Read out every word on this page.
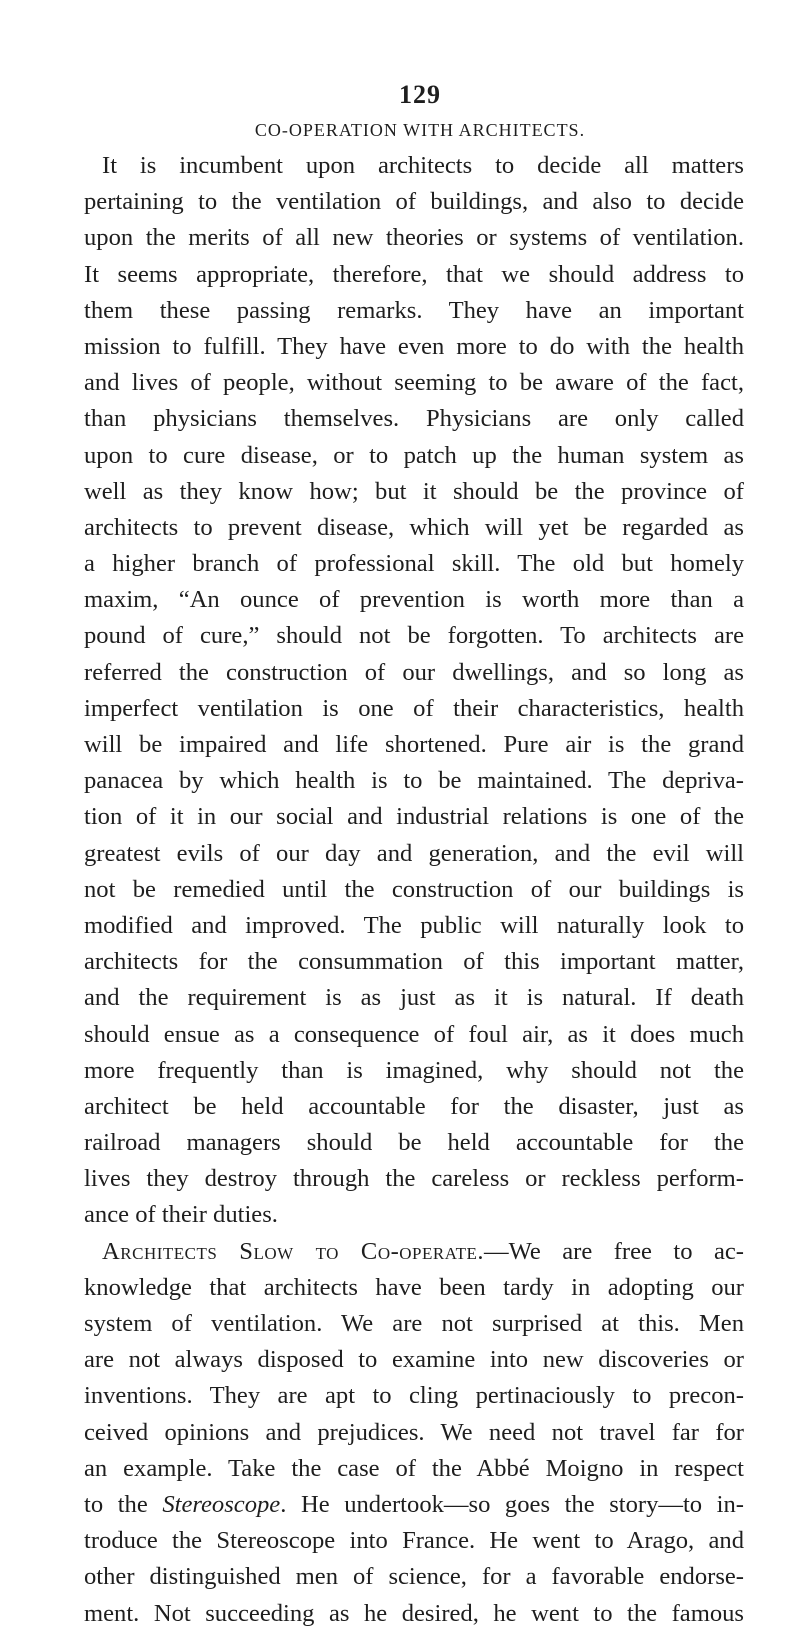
129
CO-OPERATION WITH ARCHITECTS.
It is incumbent upon architects to decide all matters
pertaining to the ventilation of buildings, and also to decide
upon the merits of all new theories or systems of ventilation.
It seems appropriate, therefore, that we should address to
them these passing remarks. They have an important
mission to fulfill. They have even more to do with the health
and lives of people, without seeming to be aware of the fact,
than physicians themselves. Physicians are only called
upon to cure disease, or to patch up the human system as
well as they know how; but it should be the province of
architects to prevent disease, which will yet be regarded as
a higher branch of professional skill. The old but homely
maxim, “An ounce of prevention is worth more than a
pound of cure,” should not be forgotten. To architects are
referred the construction of our dwellings, and so long as
imperfect ventilation is one of their characteristics, health
will be impaired and life shortened. Pure air is the grand
panacea by which health is to be maintained. The depriva-
tion of it in our social and industrial relations is one of the
greatest evils of our day and generation, and the evil will
not be remedied until the construction of our buildings is
modified and improved. The public will naturally look to
architects for the consummation of this important matter,
and the requirement is as just as it is natural. If death
should ensue as a consequence of foul air, as it does much
more frequently than is imagined, why should not the
architect be held accountable for the disaster, just as
railroad managers should be held accountable for the
lives they destroy through the careless or reckless perform-
ance of their duties.
Architects Slow to Co-operate.—We are free to ac-
knowledge that architects have been tardy in adopting our
system of ventilation. We are not surprised at this. Men
are not always disposed to examine into new discoveries or
inventions. They are apt to cling pertinaciously to precon-
ceived opinions and prejudices. We need not travel far for
an example. Take the case of the Abbé Moigno in respect
to the Stereoscope. He undertook—so goes the story—to in-
troduce the Stereoscope into France. He went to Arago, and
other distinguished men of science, for a favorable endorse-
ment. Not succeeding as he desired, he went to the famous
